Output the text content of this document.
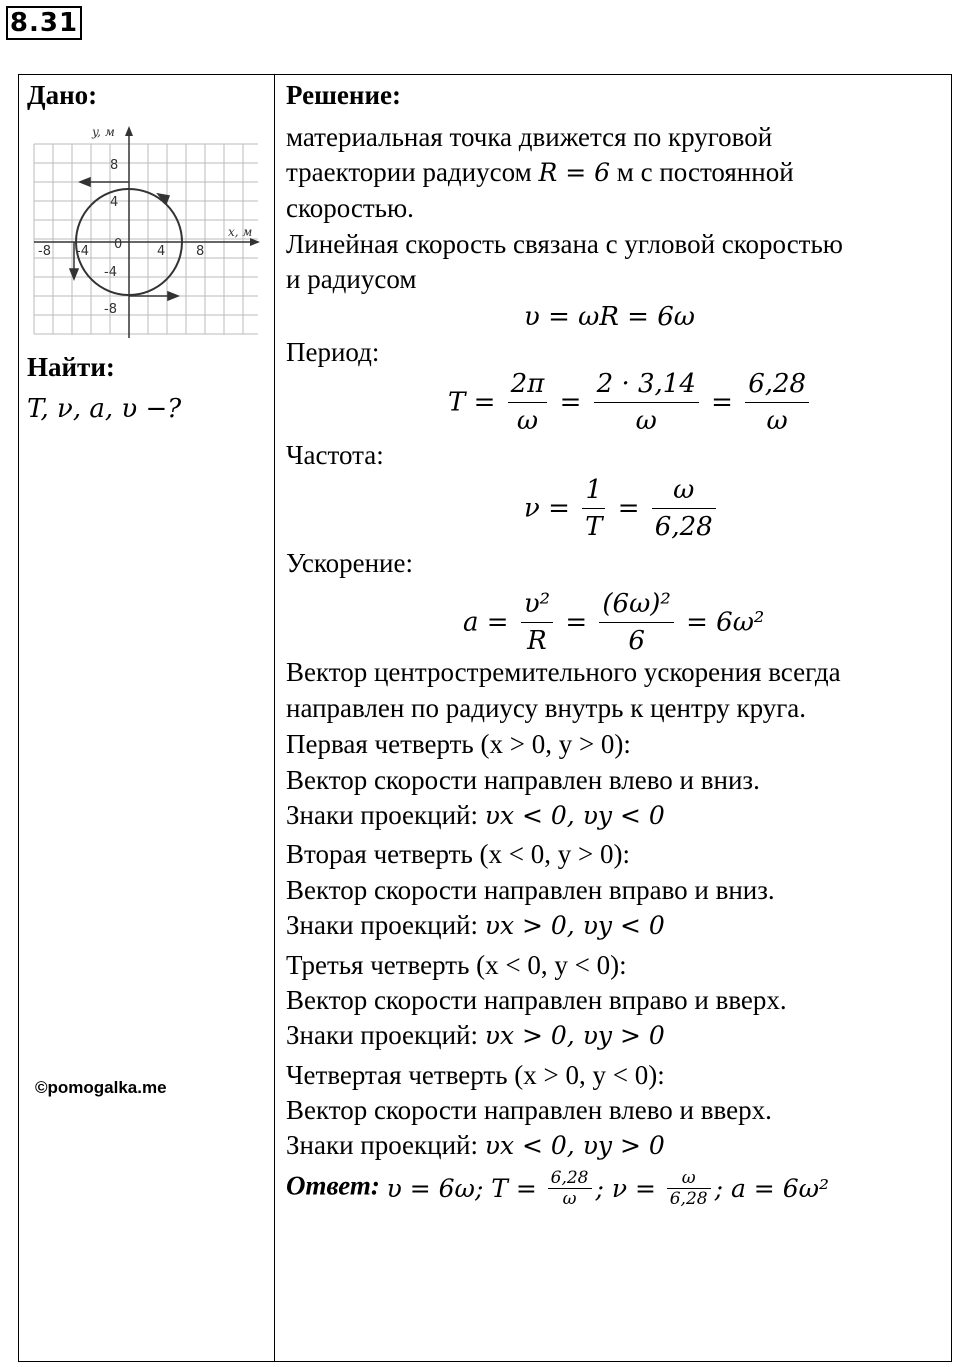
8.31
Дано:
y, м
x, м
-8 -4 0	4 8
8
4
-4
-8
Найти:
T, ν, a, υ −?
©pomogalka.me
Решение:
материальная точка движется по круговой
траектории радиусом R = 6 м с постоянной
скоростью.
Линейная скорость связана с угловой скоростью
и радиусом
υ = ωR = 6ω
Период:
$T = \frac{2\pi}{\omega} = \frac{2 \cdot 3,14}{\omega} = \frac{6,28}{\omega}$
Частота:
$\nu = \frac{1}{T} = \frac{\omega}{6,28}$
Ускорение:
$a = \frac{\text{υ²}}{R} = \frac{\text{(6ω)²}}{6} = 6\omega^2$
Вектор центростремительного ускорения всегда
направлен по радиусу внутрь к центру круга.
Первая четверть (x > 0, y > 0):
Вектор скорости направлен влево и вниз.
Знаки проекций: υx < 0, υy < 0
Вторая четверть (x < 0, y > 0):
Вектор скорости направлен вправо и вниз.
Знаки проекций: υx > 0, υy < 0
Третья четверть (x < 0, y < 0):
Вектор скорости направлен вправо и вверх.
Знаки проекций: υx > 0, υy > 0
Четвертая четверть (x > 0, y < 0):
Вектор скорости направлен влево и вверх.
Знаки проекций: υx < 0, υy > 0
Ответ: υ = 6ω; $T = \frac{6,28}{\omega}$ ; $\nu = \frac{\omega}{6,28}$ ; a = 6ω²
